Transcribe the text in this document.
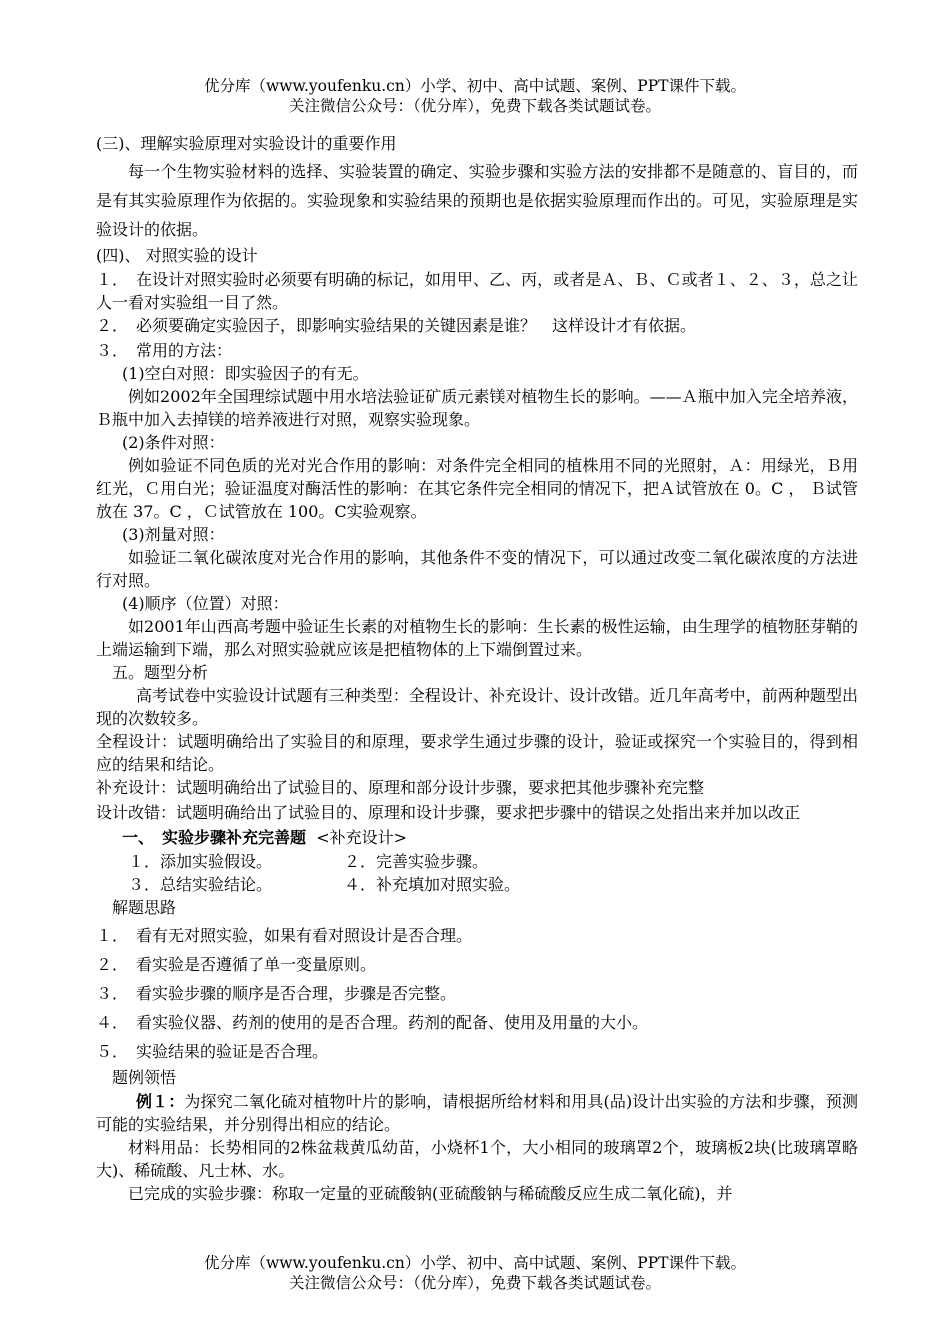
优分库（www.youfenku.cn）小学、初中、高中试题、案例、PPT课件下载。
关注微信公众号：（优分库），免费下载各类试题试卷。

(三)、理解实验原理对实验设计的重要作用

每一个生物实验材料的选择、实验装置的确定、实验步骤和实验方法的安排都不是随意的、盲目的，而是有其实验原理作为依据的。实验现象和实验结果的预期也是依据实验原理而作出的。可见，实验原理是实验设计的依据。

(四)、 对照实验的设计

１．　在设计对照实验时必须要有明确的标记，如用甲、乙、丙，或者是Ａ、Ｂ、Ｃ或者１、２、３，总之让人一看对实验组一目了然。

２．　必须要确定实验因子，即影响实验结果的关键因素是谁？　这样设计才有依据。

３．　常用的方法：

(1)空白对照：即实验因子的有无。

例如2002年全国理综试题中用水培法验证矿质元素镁对植物生长的影响。——Ａ瓶中加入完全培养液，Ｂ瓶中加入去掉镁的培养液进行对照，观察实验现象。

(2)条件对照：

例如验证不同色质的光对光合作用的影响：对条件完全相同的植株用不同的光照射，Ａ：用绿光，Ｂ用红光，Ｃ用白光；验证温度对酶活性的影响：在其它条件完全相同的情况下，把Ａ试管放在 0。C ， Ｂ试管放在 37。C ，Ｃ试管放在 100。C实验观察。

(3)剂量对照：

如验证二氧化碳浓度对光合作用的影响，其他条件不变的情况下，可以通过改变二氧化碳浓度的方法进行对照。

(4)顺序（位置）对照：

如2001年山西高考题中验证生长素的对植物生长的影响：生长素的极性运输，由生理学的植物胚芽鞘的上端运输到下端，那么对照实验就应该是把植物体的上下端倒置过来。

五。题型分析

高考试卷中实验设计试题有三种类型：全程设计、补充设计、设计改错。近几年高考中，前两种题型出现的次数较多。

全程设计：试题明确给出了实验目的和原理，要求学生通过步骤的设计，验证或探究一个实验目的，得到相应的结果和结论。

补充设计：试题明确给出了试验目的、原理和部分设计步骤，要求把其他步骤补充完整

设计改错：试题明确给出了试验目的、原理和设计步骤，要求把步骤中的错误之处指出来并加以改正

一、　实验步骤补充完善题 <补充设计>

１．添加实验假设。	２．完善实验步骤。
３．总结实验结论。	４．补充填加对照实验。

解题思路

１．　看有无对照实验，如果有看对照设计是否合理。

２．　看实验是否遵循了单一变量原则。

３．　看实验步骤的顺序是否合理，步骤是否完整。

４．　看实验仪器、药剂的使用的是否合理。药剂的配备、使用及用量的大小。

５．　实验结果的验证是否合理。

题例领悟

例１：为探究二氧化硫对植物叶片的影响，请根据所给材料和用具(品)设计出实验的方法和步骤，预测可能的实验结果，并分别得出相应的结论。

材料用品：长势相同的2株盆栽黄瓜幼苗，小烧杯1个，大小相同的玻璃罩2个，玻璃板2块(比玻璃罩略大)、稀硫酸、凡士林、水。

已完成的实验步骤：称取一定量的亚硫酸钠(亚硫酸钠与稀硫酸反应生成二氧化硫)，并

优分库（www.youfenku.cn）小学、初中、高中试题、案例、PPT课件下载。
关注微信公众号：（优分库），免费下载各类试题试卷。
